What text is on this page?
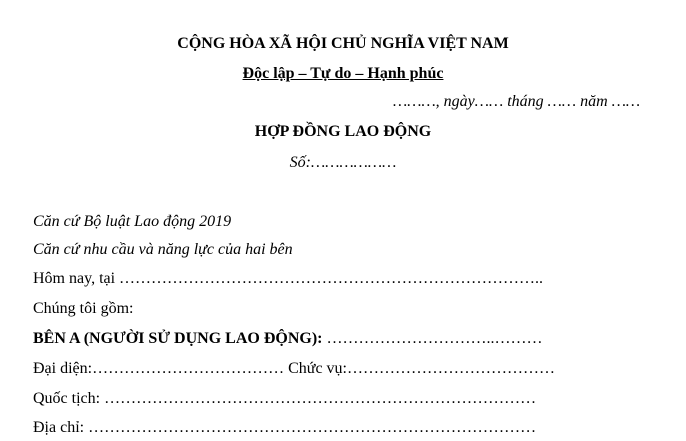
CỘNG HÒA XÃ HỘI CHỦ NGHĨA VIỆT NAM
Độc lập – Tự do – Hạnh phúc
………, ngày…… tháng …… năm ……
HỢP ĐỒNG LAO ĐỘNG
Số:………………
Căn cứ Bộ luật Lao động 2019
Căn cứ nhu cầu và năng lực của hai bên
Hôm nay, tại ……………………………………………………………………..
Chúng tôi gồm:
BÊN A (NGƯỜI SỬ DỤNG LAO ĐỘNG): …………………………..………
Đại diện:……………………………… Chức vụ:…………………………………
Quốc tịch: ………………………………………………………………………
Địa chỉ: …………………………………………………………………………
